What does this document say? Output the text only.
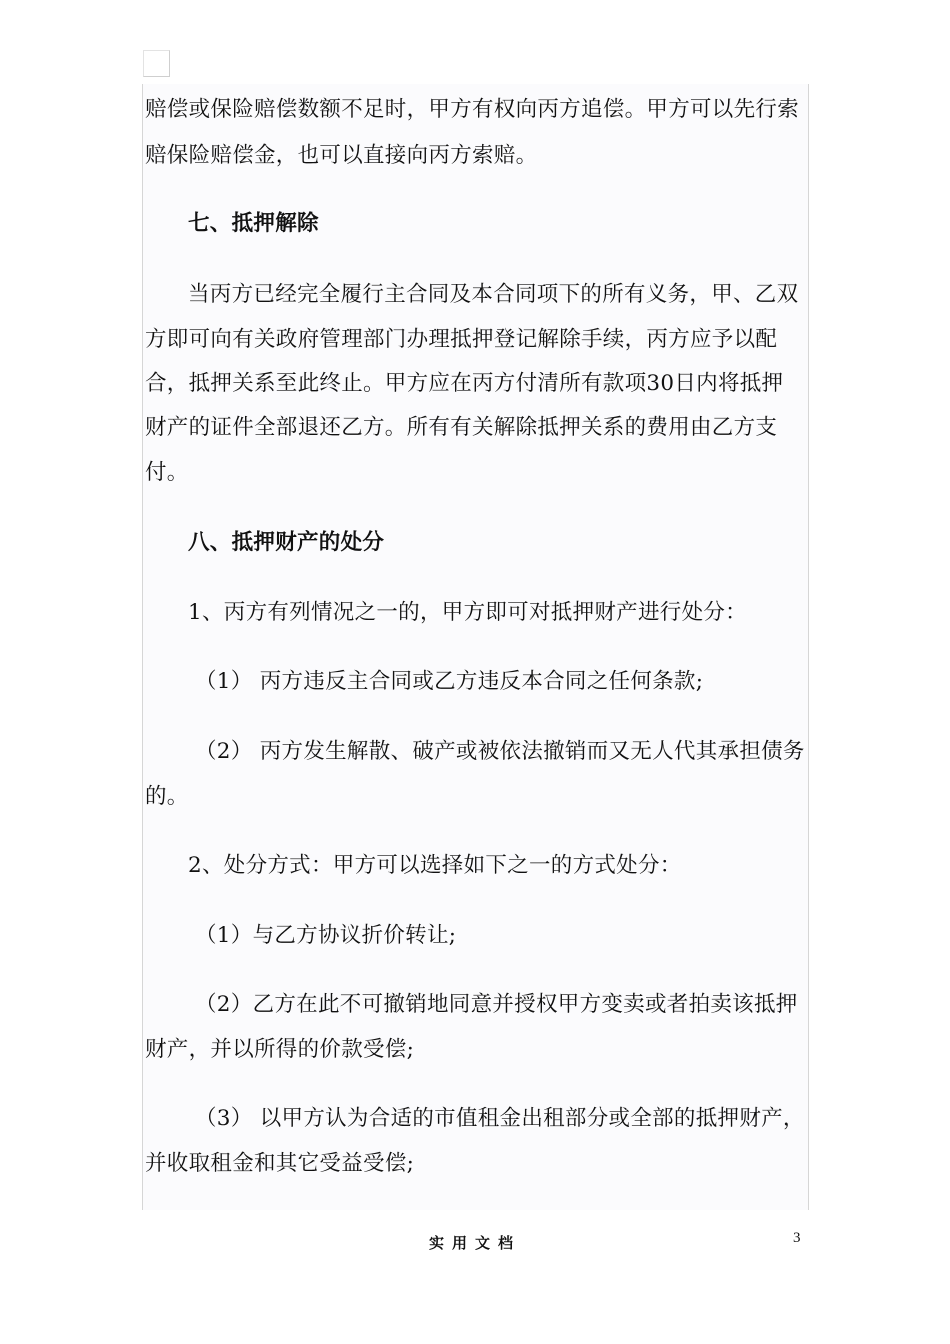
赔偿或保险赔偿数额不足时，甲方有权向丙方追偿。甲方可以先行索
赔保险赔偿金，也可以直接向丙方索赔。
七、抵押解除
当丙方已经完全履行主合同及本合同项下的所有义务，甲、乙双
方即可向有关政府管理部门办理抵押登记解除手续，丙方应予以配
合，抵押关系至此终止。甲方应在丙方付清所有款项30日内将抵押
财产的证件全部退还乙方。所有有关解除抵押关系的费用由乙方支
付。
八、抵押财产的处分
1、丙方有列情况之一的，甲方即可对抵押财产进行处分：
（1） 丙方违反主合同或乙方违反本合同之任何条款;
（2） 丙方发生解散、破产或被依法撤销而又无人代其承担债务
的。
2、处分方式：甲方可以选择如下之一的方式处分：
（1）与乙方协议折价转让;
（2）乙方在此不可撤销地同意并授权甲方变卖或者拍卖该抵押
财产，并以所得的价款受偿;
（3） 以甲方认为合适的市值租金出租部分或全部的抵押财产，
并收取租金和其它受益受偿;
实用文档	3
